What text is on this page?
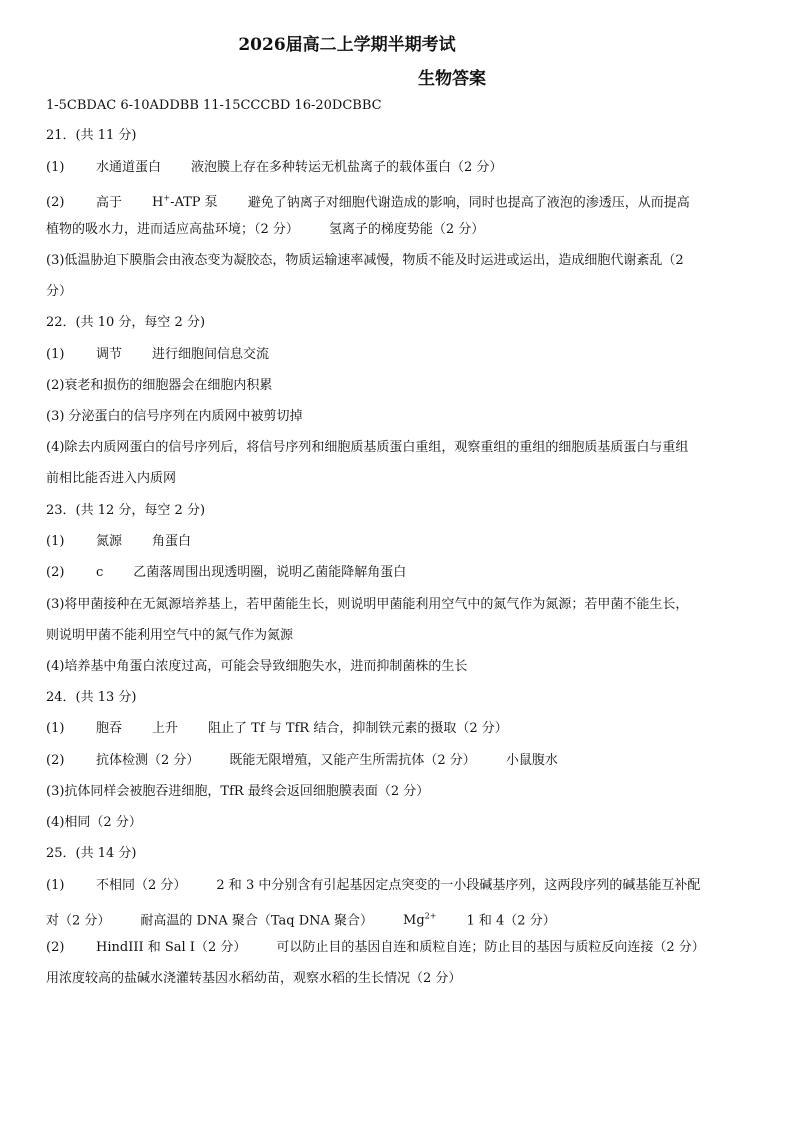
2026届高二上学期半期考试
生物答案
1-5CBDAC 6-10ADDBB 11-15CCCBD 16-20DCBBC
21．(共 11 分)
(1) 水通道蛋白 液泡膜上存在多种转运无机盐离子的载体蛋白（2 分）
(2) 高于 H+-ATP 泵 避免了钠离子对细胞代谢造成的影响，同时也提高了液泡的渗透压，从而提高
植物的吸水力，进而适应高盐环境；（2 分） 氢离子的梯度势能（2 分）
(3)低温胁迫下膜脂会由液态变为凝胶态，物质运输速率减慢，物质不能及时运进或运出，造成细胞代谢紊乱（2
分）
22．(共 10 分，每空 2 分)
(1) 调节 进行细胞间信息交流
(2)衰老和损伤的细胞器会在细胞内积累
(3) 分泌蛋白的信号序列在内质网中被剪切掉
(4)除去内质网蛋白的信号序列后，将信号序列和细胞质基质蛋白重组，观察重组的重组的细胞质基质蛋白与重组
前相比能否进入内质网
23．(共 12 分，每空 2 分)
(1) 氮源 角蛋白
(2) c 乙菌落周围出现透明圈，说明乙菌能降解角蛋白
(3)将甲菌接种在无氮源培养基上，若甲菌能生长，则说明甲菌能利用空气中的氮气作为氮源；若甲菌不能生长，
则说明甲菌不能利用空气中的氮气作为氮源
(4)培养基中角蛋白浓度过高，可能会导致细胞失水，进而抑制菌株的生长
24．(共 13 分)
(1) 胞吞 上升 阻止了 Tf 与 TfR 结合，抑制铁元素的摄取（2 分）
(2) 抗体检测（2 分） 既能无限增殖，又能产生所需抗体（2 分） 小鼠腹水
(3)抗体同样会被胞吞进细胞，TfR 最终会返回细胞膜表面（2 分）
(4)相同（2 分）
25．(共 14 分)
(1) 不相同（2 分） 2 和 3 中分别含有引起基因定点突变的一小段碱基序列，这两段序列的碱基能互补配
对（2 分） 耐高温的 DNA 聚合（Taq DNA 聚合） $Mg^{2+}$ 1 和 4（2 分）
(2) HindIII 和 Sal I（2 分） 可以防止目的基因自连和质粒自连；防止目的基因与质粒反向连接（2 分）
用浓度较高的盐碱水浇灌转基因水稻幼苗，观察水稻的生长情况（2 分）
